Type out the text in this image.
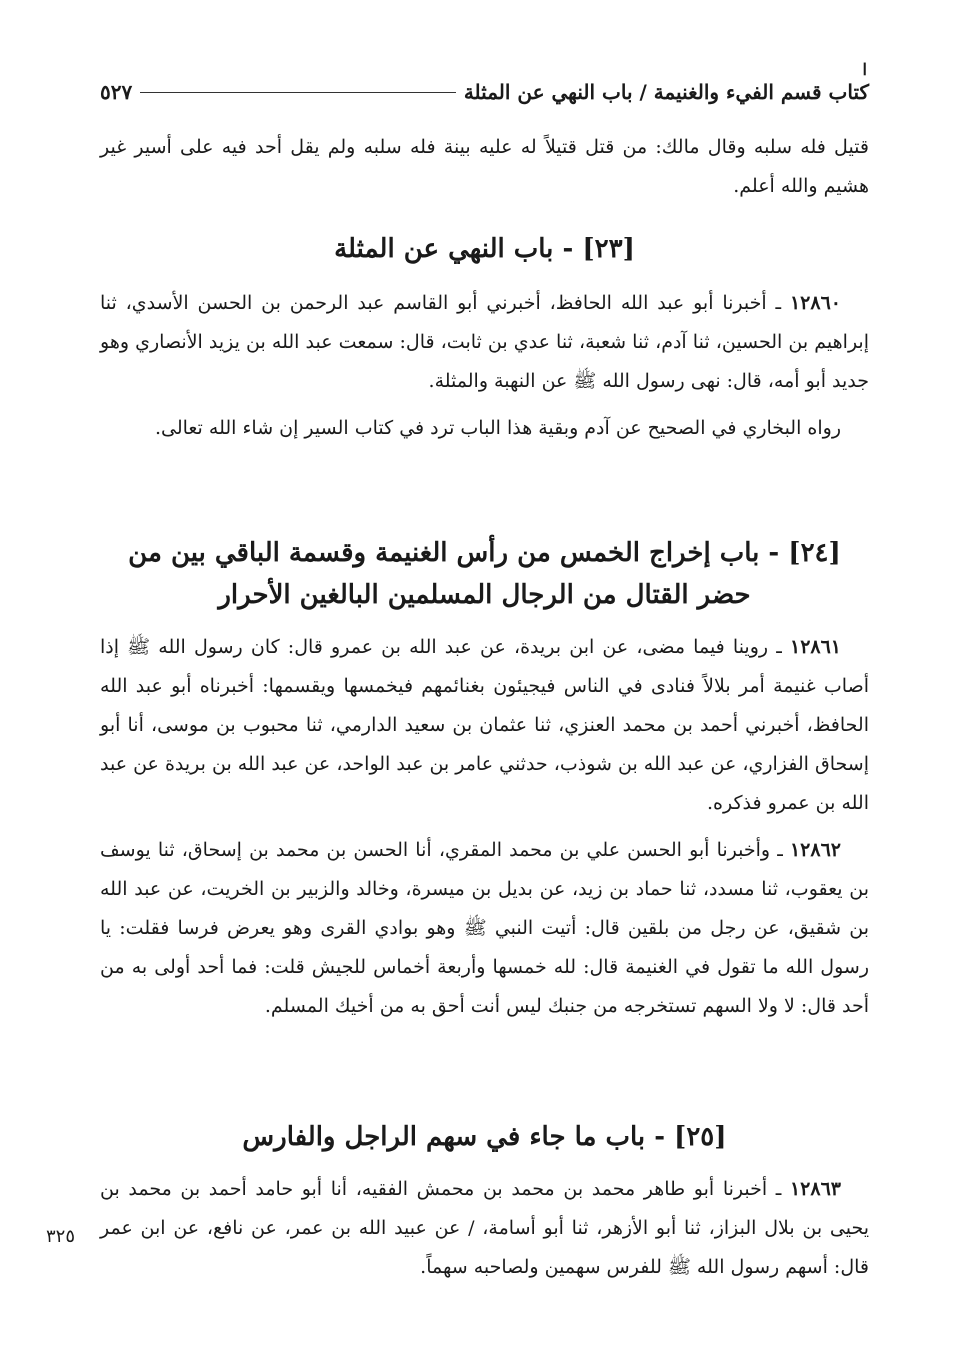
ا
كتاب قسم الفيء والغنيمة / باب النهي عن المثلة
٥٢٧

قتيل فله سلبه وقال مالك: من قتل قتيلاً له عليه بينة فله سلبه ولم يقل أحد فيه على أسير غير هشيم والله أعلم.

[٢٣] - باب النهي عن المثلة

١٢٨٦٠ ـ أخبرنا أبو عبد الله الحافظ، أخبرني أبو القاسم عبد الرحمن بن الحسن الأسدي، ثنا إبراهيم بن الحسين، ثنا آدم، ثنا شعبة، ثنا عدي بن ثابت، قال: سمعت عبد الله بن يزيد الأنصاري وهو جديد أبو أمه، قال: نهى رسول الله ﷺ عن النهبة والمثلة.

رواه البخاري في الصحيح عن آدم وبقية هذا الباب ترد في كتاب السير إن شاء الله تعالى.

[٢٤] - باب إخراج الخمس من رأس الغنيمة وقسمة الباقي بين من حضر القتال من الرجال المسلمين البالغين الأحرار

١٢٨٦١ ـ روينا فيما مضى، عن ابن بريدة، عن عبد الله بن عمرو قال: كان رسول الله ﷺ إذا أصاب غنيمة أمر بلالاً فنادى في الناس فيجيئون بغنائمهم فيخمسها ويقسمها: أخبرناه أبو عبد الله الحافظ، أخبرني أحمد بن محمد العنزي، ثنا عثمان بن سعيد الدارمي، ثنا محبوب بن موسى، أنا أبو إسحاق الفزاري، عن عبد الله بن شوذب، حدثني عامر بن عبد الواحد، عن عبد الله بن بريدة عن عبد الله بن عمرو فذكره.

١٢٨٦٢ ـ وأخبرنا أبو الحسن علي بن محمد المقري، أنا الحسن بن محمد بن إسحاق، ثنا يوسف بن يعقوب، ثنا مسدد، ثنا حماد بن زيد، عن بديل بن ميسرة، وخالد والزبير بن الخريت، عن عبد الله بن شقيق، عن رجل من بلقين قال: أتيت النبي ﷺ وهو بوادي القرى وهو يعرض فرسا فقلت: يا رسول الله ما تقول في الغنيمة قال: لله خمسها وأربعة أخماس للجيش قلت: فما أحد أولى به من أحد قال: لا ولا السهم تستخرجه من جنبك ليس أنت أحق به من أخيك المسلم.

[٢٥] - باب ما جاء في سهم الراجل والفارس

١٢٨٦٣ ـ أخبرنا أبو طاهر محمد بن محمد بن محمش الفقيه، أنا أبو حامد أحمد بن محمد بن يحيى بن بلال البزاز، ثنا أبو الأزهر، ثنا أبو أسامة، / عن عبيد الله بن عمر، عن نافع، عن ابن عمر قال: أسهم رسول الله ﷺ للفرس سهمين ولصاحبه سهماً.

٣٢٥
